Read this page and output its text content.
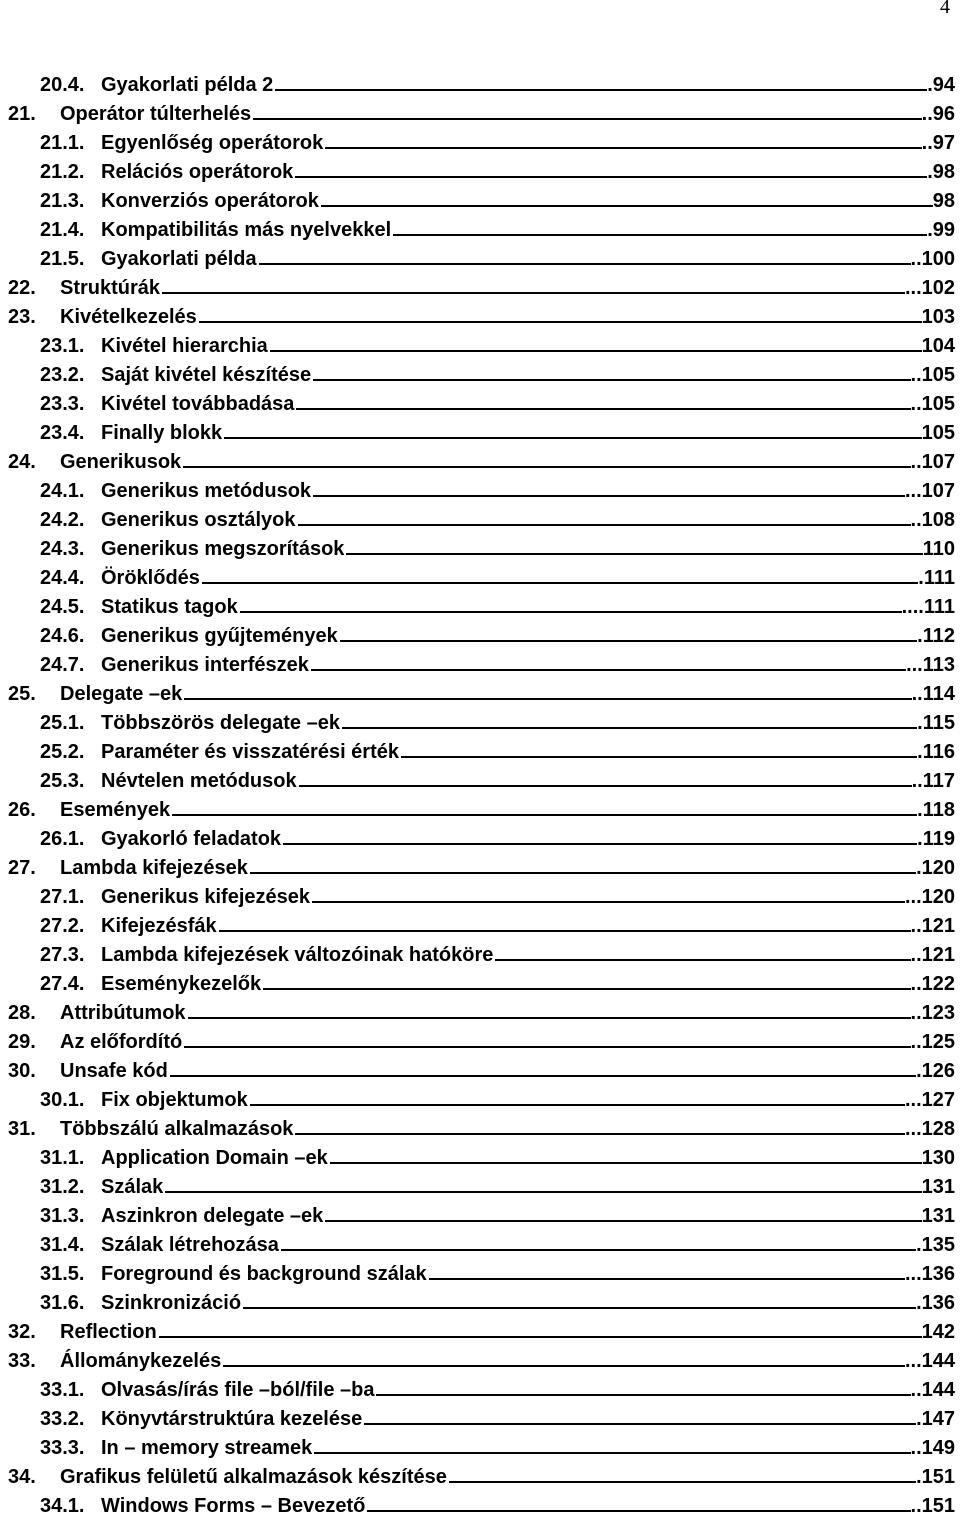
4
20.4. Gyakorlati példa 2	.94
21. Operátor túlterhelés	..96
21.1. Egyenlőség operátorok	..97
21.2. Relációs operátorok	.98
21.3. Konverziós operátorok	98
21.4. Kompatibilitás más nyelvekkel	.99
21.5. Gyakorlati példa	..100
22. Struktúrák	...102
23. Kivételkezelés	103
23.1. Kivétel hierarchia	104
23.2. Saját kivétel készítése	..105
23.3. Kivétel továbbadása	..105
23.4. Finally blokk	105
24. Generikusok	..107
24.1. Generikus metódusok	...107
24.2. Generikus osztályok	..108
24.3. Generikus megszorítások	110
24.4. Öröklődés	.111
24.5. Statikus tagok	....111
24.6. Generikus gyűjtemények	.112
24.7. Generikus interfészek	...113
25. Delegate –ek	..114
25.1. Többszörös delegate –ek	.115
25.2. Paraméter és visszatérési érték	.116
25.3. Névtelen metódusok	..117
26. Események	.118
26.1. Gyakorló feladatok	.119
27. Lambda kifejezések	.120
27.1. Generikus kifejezések	...120
27.2. Kifejezésfák	..121
27.3. Lambda kifejezések változóinak hatóköre	..121
27.4. Eseménykezelők	..122
28. Attribútumok	..123
29. Az előfordító	..125
30. Unsafe kód	.126
30.1. Fix objektumok	...127
31. Többszálú alkalmazások	...128
31.1. Application Domain –ek	130
31.2. Szálak	131
31.3. Aszinkron delegate –ek	131
31.4. Szálak létrehozása	.135
31.5. Foreground és background szálak	...136
31.6. Szinkronizáció	.136
32. Reflection	142
33. Állománykezelés	...144
33.1. Olvasás/írás file –ból/file –ba	..144
33.2. Könyvtárstruktúra kezelése	.147
33.3. In – memory streamek	..149
34. Grafikus felületű alkalmazások készítése	.151
34.1. Windows Forms – Bevezető	..151
